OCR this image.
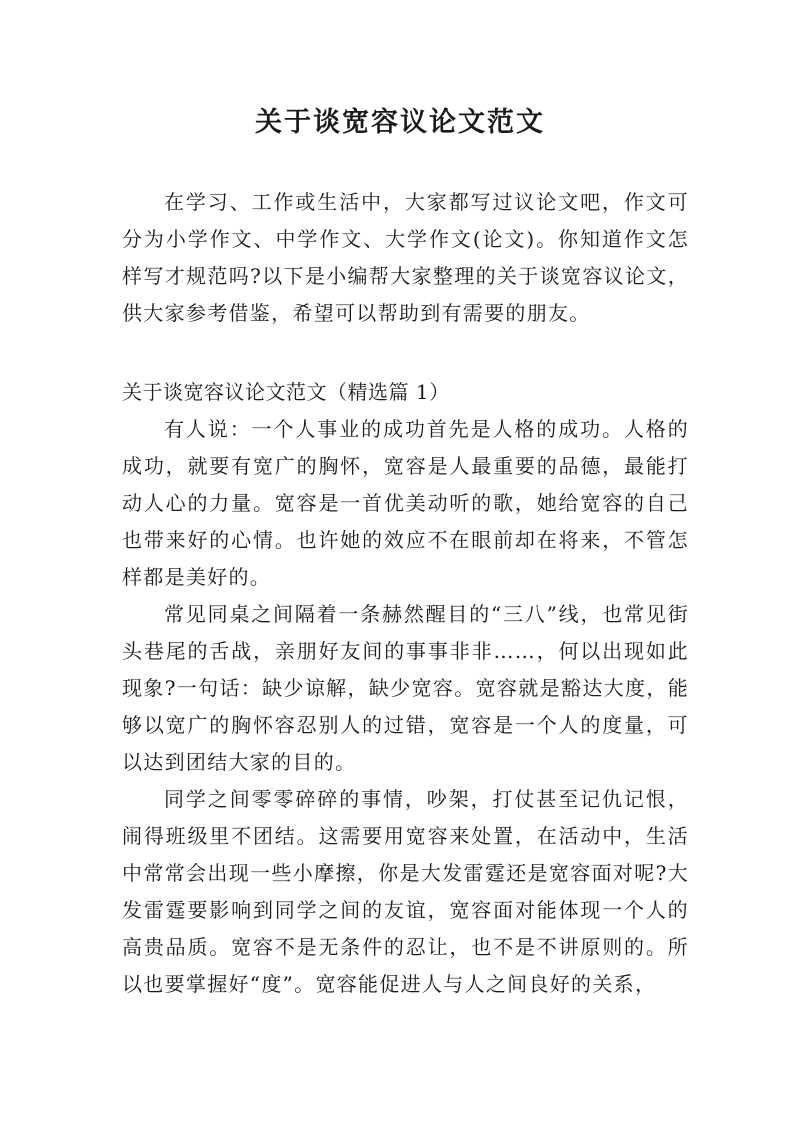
关于谈宽容议论文范文
在学习、工作或生活中，大家都写过议论文吧，作文可分为小学作文、中学作文、大学作文(论文)。你知道作文怎样写才规范吗?以下是小编帮大家整理的关于谈宽容议论文，供大家参考借鉴，希望可以帮助到有需要的朋友。
关于谈宽容议论文范文（精选篇 1）

有人说：一个人事业的成功首先是人格的成功。人格的成功，就要有宽广的胸怀，宽容是人最重要的品德，最能打动人心的力量。宽容是一首优美动听的歌，她给宽容的自己也带来好的心情。也许她的效应不在眼前却在将来，不管怎样都是美好的。

常见同桌之间隔着一条赫然醒目的“三八”线，也常见街头巷尾的舌战，亲朋好友间的事事非非……，何以出现如此现象?一句话：缺少谅解，缺少宽容。宽容就是豁达大度，能够以宽广的胸怀容忍别人的过错，宽容是一个人的度量，可以达到团结大家的目的。

同学之间零零碎碎的事情，吵架，打仗甚至记仇记恨，闹得班级里不团结。这需要用宽容来处置，在活动中，生活中常常会出现一些小摩擦，你是大发雷霆还是宽容面对呢?大发雷霆要影响到同学之间的友谊，宽容面对能体现一个人的高贵品质。宽容不是无条件的忍让，也不是不讲原则的。所以也要掌握好“度”。宽容能促进人与人之间良好的关系，
